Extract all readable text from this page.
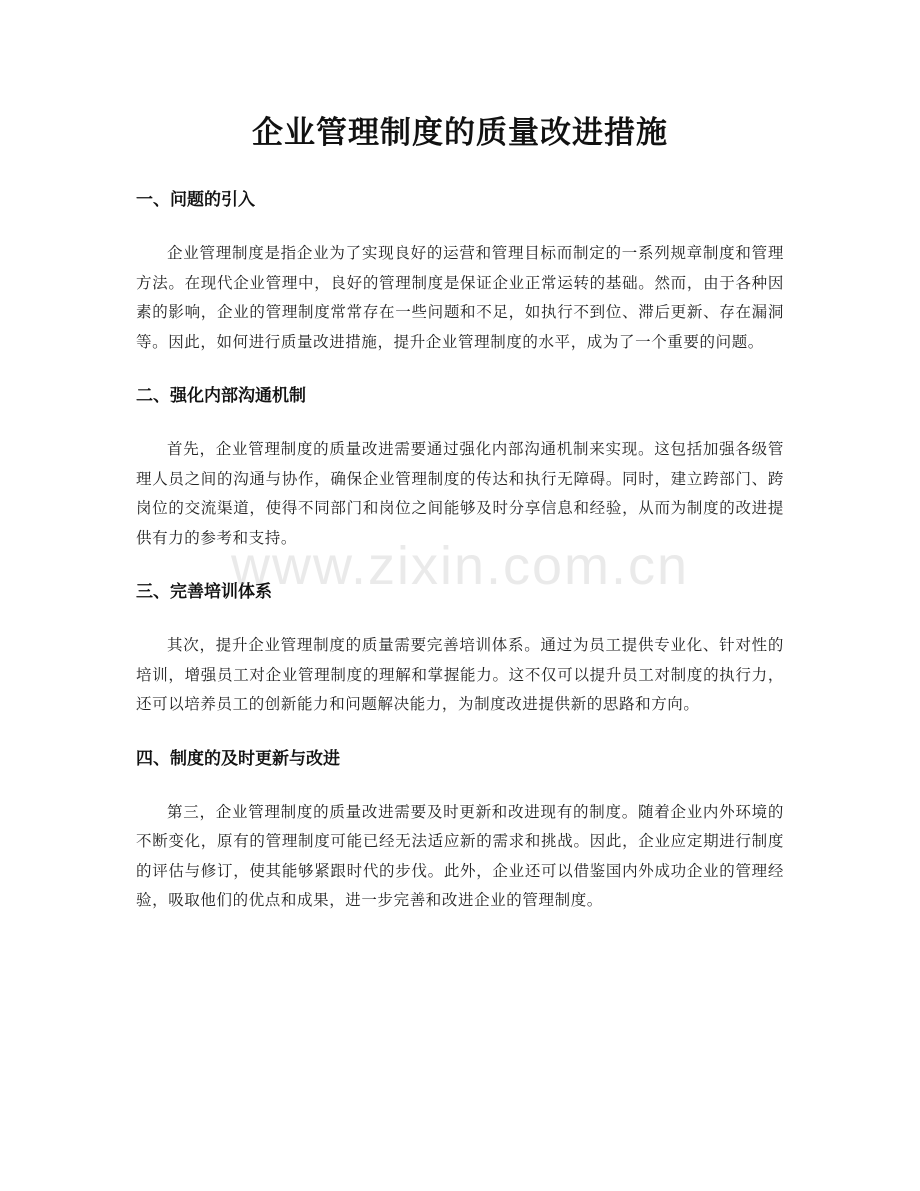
企业管理制度的质量改进措施
一、问题的引入

企业管理制度是指企业为了实现良好的运营和管理目标而制定的一系列规章制度和管理方法。在现代企业管理中，良好的管理制度是保证企业正常运转的基础。然而，由于各种因素的影响，企业的管理制度常常存在一些问题和不足，如执行不到位、滞后更新、存在漏洞等。因此，如何进行质量改进措施，提升企业管理制度的水平，成为了一个重要的问题。

二、强化内部沟通机制

首先，企业管理制度的质量改进需要通过强化内部沟通机制来实现。这包括加强各级管理人员之间的沟通与协作，确保企业管理制度的传达和执行无障碍。同时，建立跨部门、跨岗位的交流渠道，使得不同部门和岗位之间能够及时分享信息和经验，从而为制度的改进提供有力的参考和支持。

三、完善培训体系

其次，提升企业管理制度的质量需要完善培训体系。通过为员工提供专业化、针对性的培训，增强员工对企业管理制度的理解和掌握能力。这不仅可以提升员工对制度的执行力，还可以培养员工的创新能力和问题解决能力，为制度改进提供新的思路和方向。

四、制度的及时更新与改进

第三，企业管理制度的质量改进需要及时更新和改进现有的制度。随着企业内外环境的不断变化，原有的管理制度可能已经无法适应新的需求和挑战。因此，企业应定期进行制度的评估与修订，使其能够紧跟时代的步伐。此外，企业还可以借鉴国内外成功企业的管理经验，吸取他们的优点和成果，进一步完善和改进企业的管理制度。

www.zixin.com.cn
